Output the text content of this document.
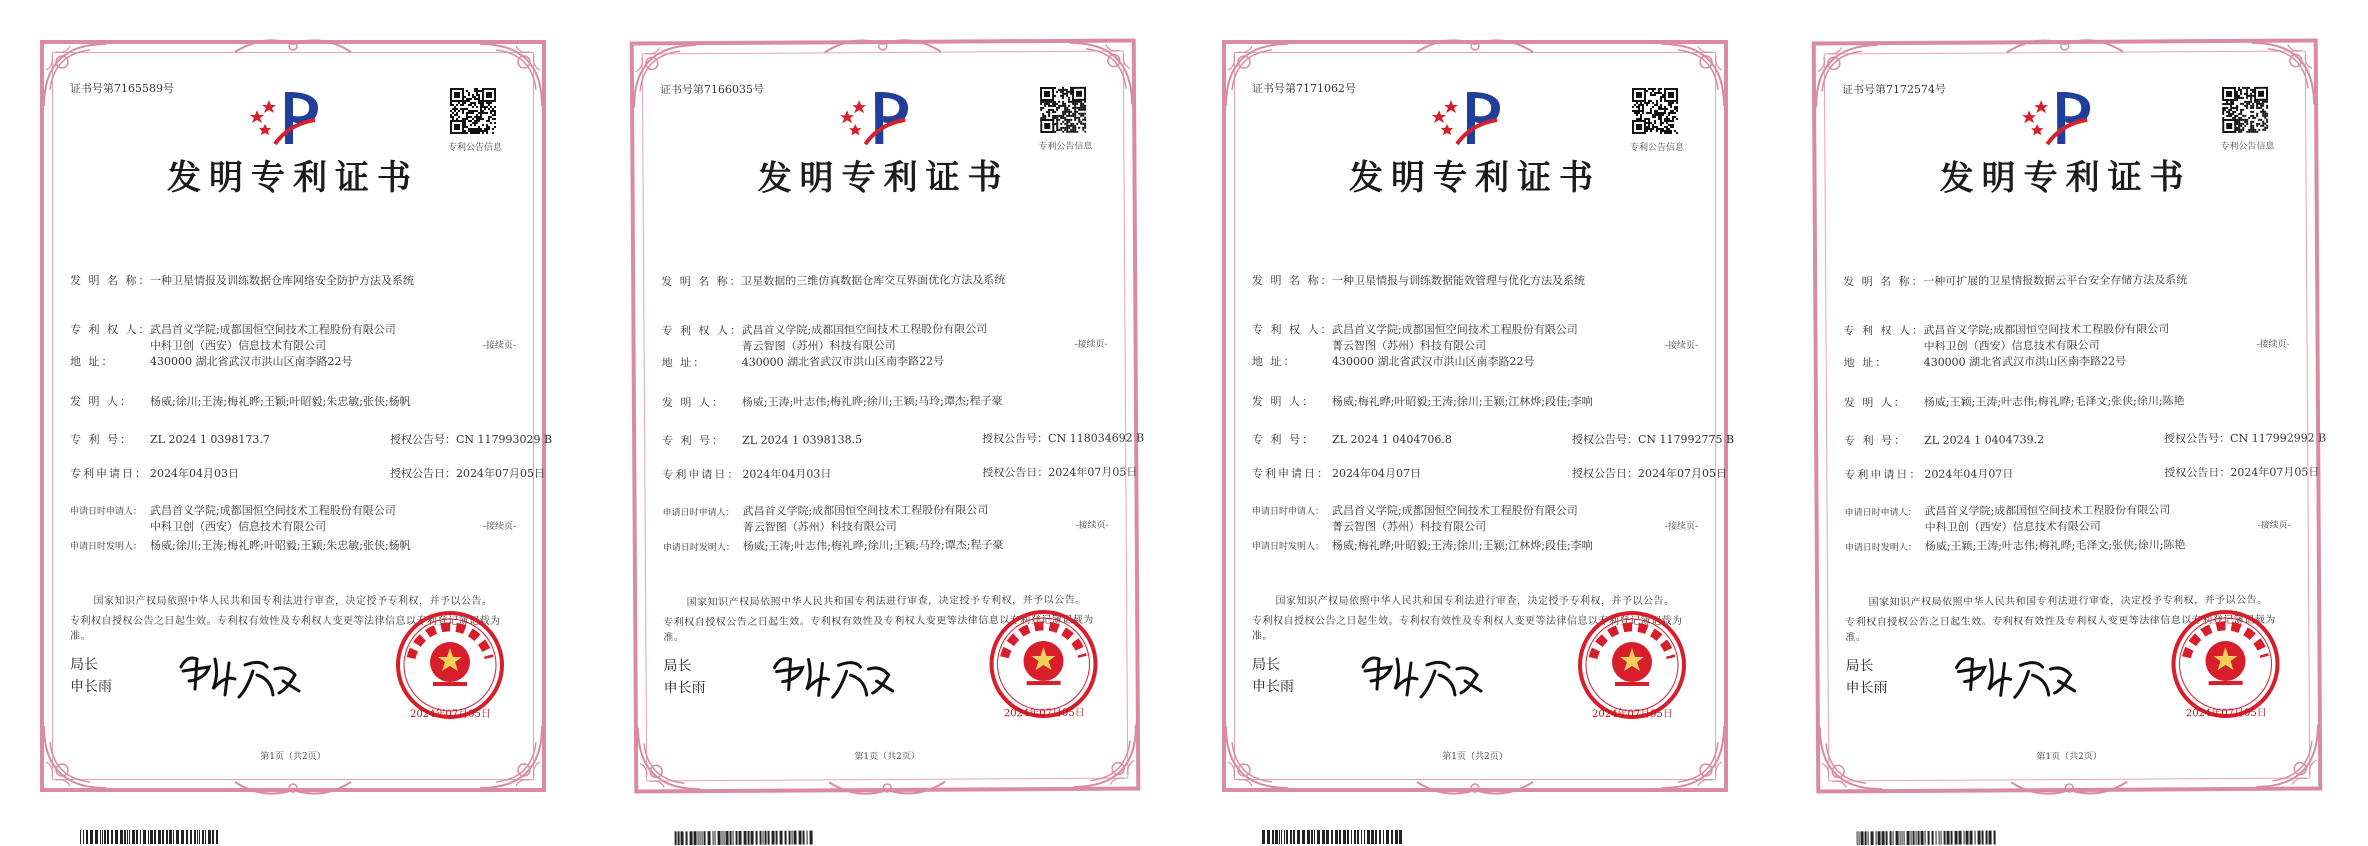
证书号第7165589号
专利公告信息
发明专利证书
发 明 名 称：一种卫星情报及训练数据仓库网络安全防护方法及系统
专 利 权 人：武昌首义学院;成都国恒空间技术工程股份有限公司
中科卫创（西安）信息技术有限公司	-接续页-
地 址：	430000 湖北省武汉市洪山区南李路22号
发 明 人： 杨威;徐川;王涛;梅礼晔;王颖;叶昭毅;朱忠敏;张侠;杨帆
专 利 号： ZL 2024 1 0398173.7	授权公告号：CN 117993029 B
专利申请日： 2024年04月03日	授权公告日：2024年07月05日
申请日时申请人： 武昌首义学院;成都国恒空间技术工程股份有限公司
中科卫创（西安）信息技术有限公司	-接续页-
申请日时发明人： 杨威;徐川;王涛;梅礼晔;叶昭毅;王颖;朱忠敏;张侠;杨帆
国家知识产权局依照中华人民共和国专利法进行审查，决定授予专利权，并予以公告。
专利权自授权公告之日起生效。专利权有效性及专利权人变更等法律信息以专利登记簿记载为准。
局长
申长雨
2024年07月05日
第1页（共2页）
证书号第7166035号
专利公告信息
发明专利证书
发 明 名 称：卫星数据的三维仿真数据仓库交互界面优化方法及系统
专 利 权 人：武昌首义学院;成都国恒空间技术工程股份有限公司
菁云智图（苏州）科技有限公司	-接续页-
地 址：	430000 湖北省武汉市洪山区南李路22号
发 明 人： 杨威;王涛;叶志伟;梅礼晔;徐川;王颖;马玲;谭杰;程子豪
专 利 号： ZL 2024 1 0398138.5	授权公告号：CN 118034692 B
专利申请日： 2024年04月03日	授权公告日：2024年07月05日
申请日时申请人： 武昌首义学院;成都国恒空间技术工程股份有限公司
菁云智图（苏州）科技有限公司	-接续页-
申请日时发明人： 杨威;王涛;叶志伟;梅礼晔;徐川;王颖;马玲;谭杰;程子豪
国家知识产权局依照中华人民共和国专利法进行审查，决定授予专利权，并予以公告。
专利权自授权公告之日起生效。专利权有效性及专利权人变更等法律信息以专利登记簿记载为准。
局长
申长雨
2024年07月05日
第1页（共2页）
证书号第7171062号
专利公告信息
发明专利证书
发 明 名 称：一种卫星情报与训练数据能效管理与优化方法及系统
专 利 权 人：武昌首义学院;成都国恒空间技术工程股份有限公司
菁云智图（苏州）科技有限公司	-接续页-
地 址：	430000 湖北省武汉市洪山区南李路22号
发 明 人： 杨威;梅礼晔;叶昭毅;王涛;徐川;王颖;江林烨;段佳;李响
专 利 号： ZL 2024 1 0404706.8	授权公告号：CN 117992775 B
专利申请日： 2024年04月07日	授权公告日：2024年07月05日
申请日时申请人： 武昌首义学院;成都国恒空间技术工程股份有限公司
菁云智图（苏州）科技有限公司	-接续页-
申请日时发明人： 杨威;梅礼晔;叶昭毅;王涛;徐川;王颖;江林烨;段佳;李响
国家知识产权局依照中华人民共和国专利法进行审查，决定授予专利权，并予以公告。
专利权自授权公告之日起生效。专利权有效性及专利权人变更等法律信息以专利登记簿记载为准。
局长
申长雨
2024年07月05日
第1页（共2页）
证书号第7172574号
专利公告信息
发明专利证书
发 明 名 称：一种可扩展的卫星情报数据云平台安全存储方法及系统
专 利 权 人：武昌首义学院;成都国恒空间技术工程股份有限公司
中科卫创（西安）信息技术有限公司	-接续页-
地 址：	430000 湖北省武汉市洪山区南李路22号
发 明 人： 杨威;王颖;王涛;叶志伟;梅礼晔;毛泽文;张侠;徐川;陈艳
专 利 号： ZL 2024 1 0404739.2	授权公告号：CN 117992992 B
专利申请日： 2024年04月07日	授权公告日：2024年07月05日
申请日时申请人： 武昌首义学院;成都国恒空间技术工程股份有限公司
中科卫创（西安）信息技术有限公司	-接续页-
申请日时发明人： 杨威;王颖;王涛;叶志伟;梅礼晔;毛泽文;张侠;徐川;陈艳
国家知识产权局依照中华人民共和国专利法进行审查，决定授予专利权，并予以公告。
专利权自授权公告之日起生效。专利权有效性及专利权人变更等法律信息以专利登记簿记载为准。
局长
申长雨
2024年07月05日
第1页（共2页）
